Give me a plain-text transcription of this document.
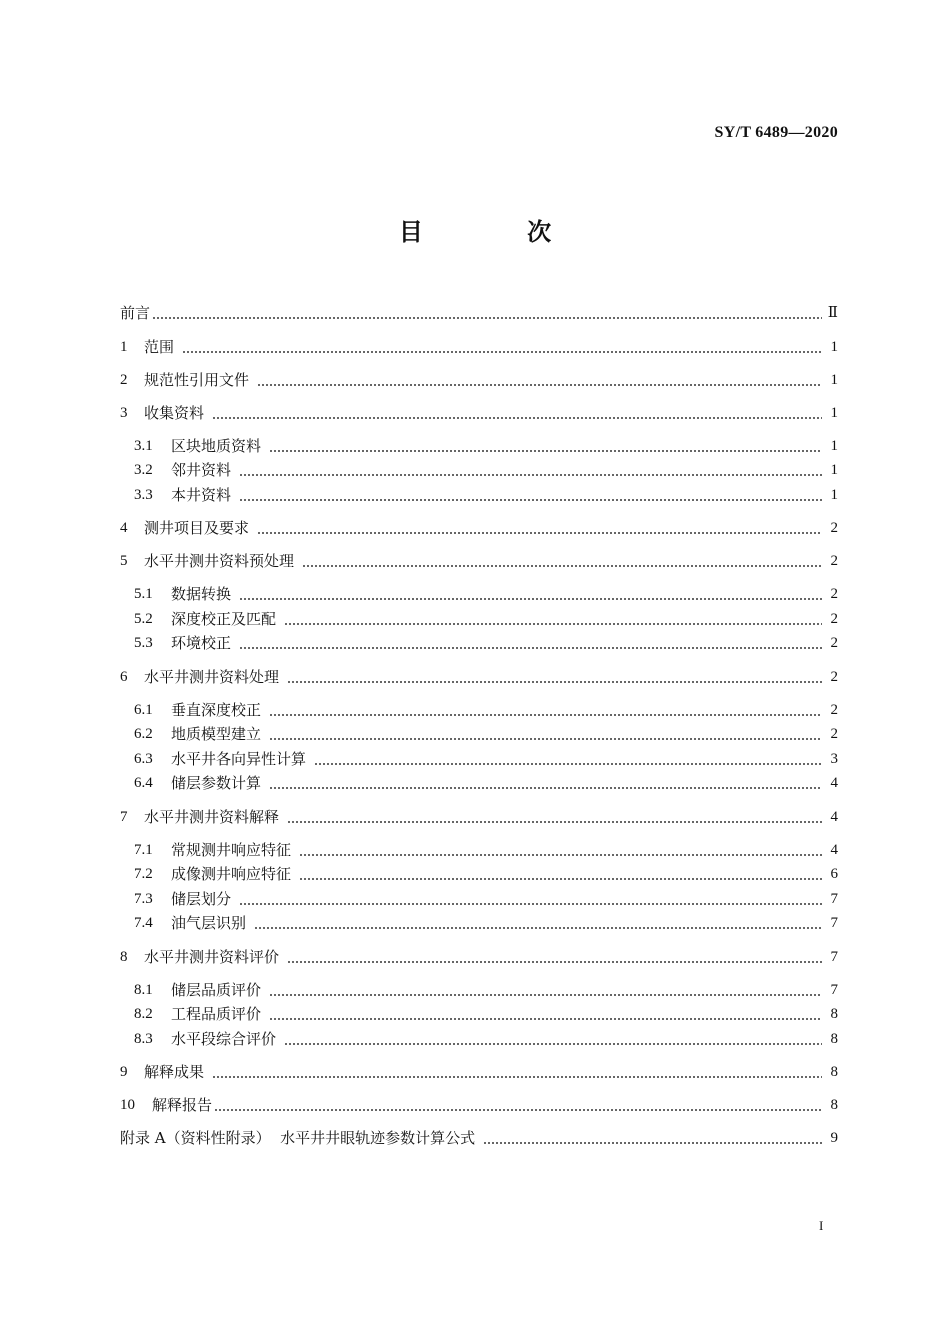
SY/T 6489—2020
目 次
前言	Ⅱ
1	范围	1
2	规范性引用文件	1
3	收集资料	1
3.1	区块地质资料	1
3.2	邻井资料	1
3.3	本井资料	1
4	测井项目及要求	2
5	水平井测井资料预处理	2
5.1	数据转换	2
5.2	深度校正及匹配	2
5.3	环境校正	2
6	水平井测井资料处理	2
6.1	垂直深度校正	2
6.2	地质模型建立	2
6.3	水平井各向异性计算	3
6.4	储层参数计算	4
7	水平井测井资料解释	4
7.1	常规测井响应特征	4
7.2	成像测井响应特征	6
7.3	储层划分	7
7.4	油气层识别	7
8	水平井测井资料评价	7
8.1	储层品质评价	7
8.2	工程品质评价	8
8.3	水平段综合评价	8
9	解释成果	8
10	解释报告	8
附录 A（资料性附录）  水平井井眼轨迹参数计算公式	9
I
